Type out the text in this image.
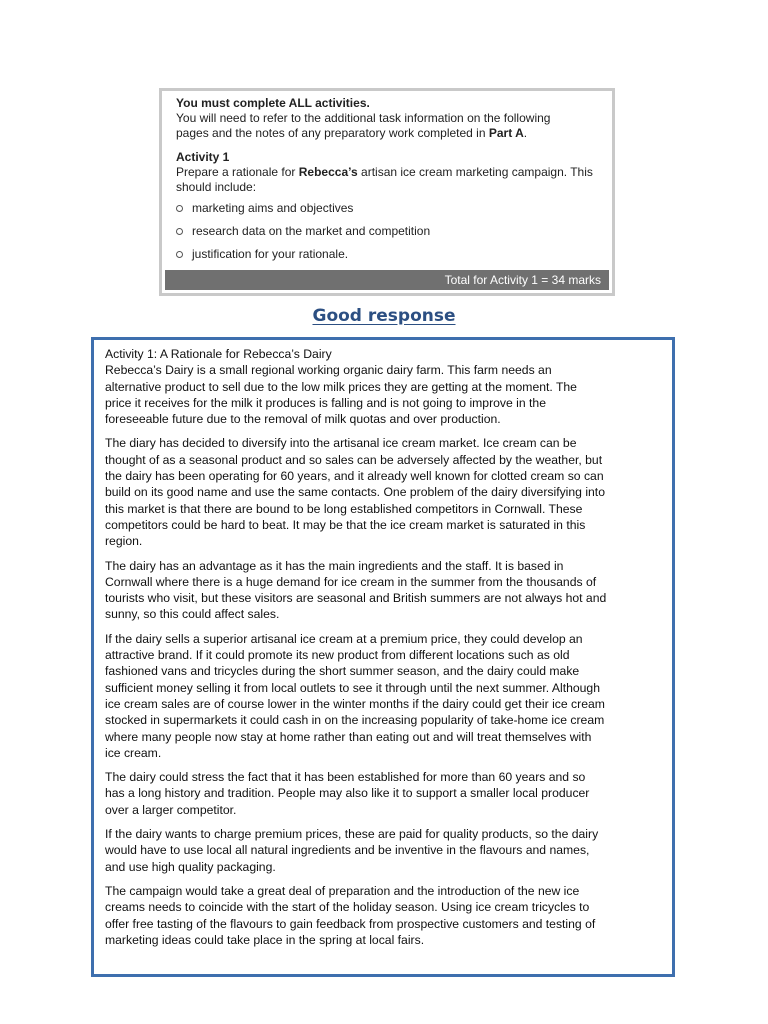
You must complete ALL activities.

You will need to refer to the additional task information on the following

pages and the notes of any preparatory work completed in Part A.

Activity 1

Prepare a rationale for Rebecca’s artisan ice cream marketing campaign. This

should include:

marketing aims and objectives
research data on the market and competition
justification for your rationale.
Total for Activity 1 = 34 marks
Good response

Activity 1: A Rationale for Rebecca’s Dairy

Rebecca’s Dairy is a small regional working organic dairy farm. This farm needs an
alternative product to sell due to the low milk prices they are getting at the moment. The
price it receives for the milk it produces is falling and is not going to improve in the
foreseeable future due to the removal of milk quotas and over production.

The diary has decided to diversify into the artisanal ice cream market. Ice cream can be
thought of as a seasonal product and so sales can be adversely affected by the weather, but
the dairy has been operating for 60 years, and it already well known for clotted cream so can
build on its good name and use the same contacts. One problem of the dairy diversifying into
this market is that there are bound to be long established competitors in Cornwall. These
competitors could be hard to beat. It may be that the ice cream market is saturated in this
region.

The dairy has an advantage as it has the main ingredients and the staff. It is based in
Cornwall where there is a huge demand for ice cream in the summer from the thousands of
tourists who visit, but these visitors are seasonal and British summers are not always hot and
sunny, so this could affect sales.

If the dairy sells a superior artisanal ice cream at a premium price, they could develop an
attractive brand. If it could promote its new product from different locations such as old
fashioned vans and tricycles during the short summer season, and the dairy could make
sufficient money selling it from local outlets to see it through until the next summer. Although
ice cream sales are of course lower in the winter months if the dairy could get their ice cream
stocked in supermarkets it could cash in on the increasing popularity of take-home ice cream
where many people now stay at home rather than eating out and will treat themselves with
ice cream.

The dairy could stress the fact that it has been established for more than 60 years and so
has a long history and tradition. People may also like it to support a smaller local producer
over a larger competitor.

If the dairy wants to charge premium prices, these are paid for quality products, so the dairy
would have to use local all natural ingredients and be inventive in the flavours and names,
and use high quality packaging.

The campaign would take a great deal of preparation and the introduction of the new ice
creams needs to coincide with the start of the holiday season. Using ice cream tricycles to
offer free tasting of the flavours to gain feedback from prospective customers and testing of
marketing ideas could take place in the spring at local fairs.
